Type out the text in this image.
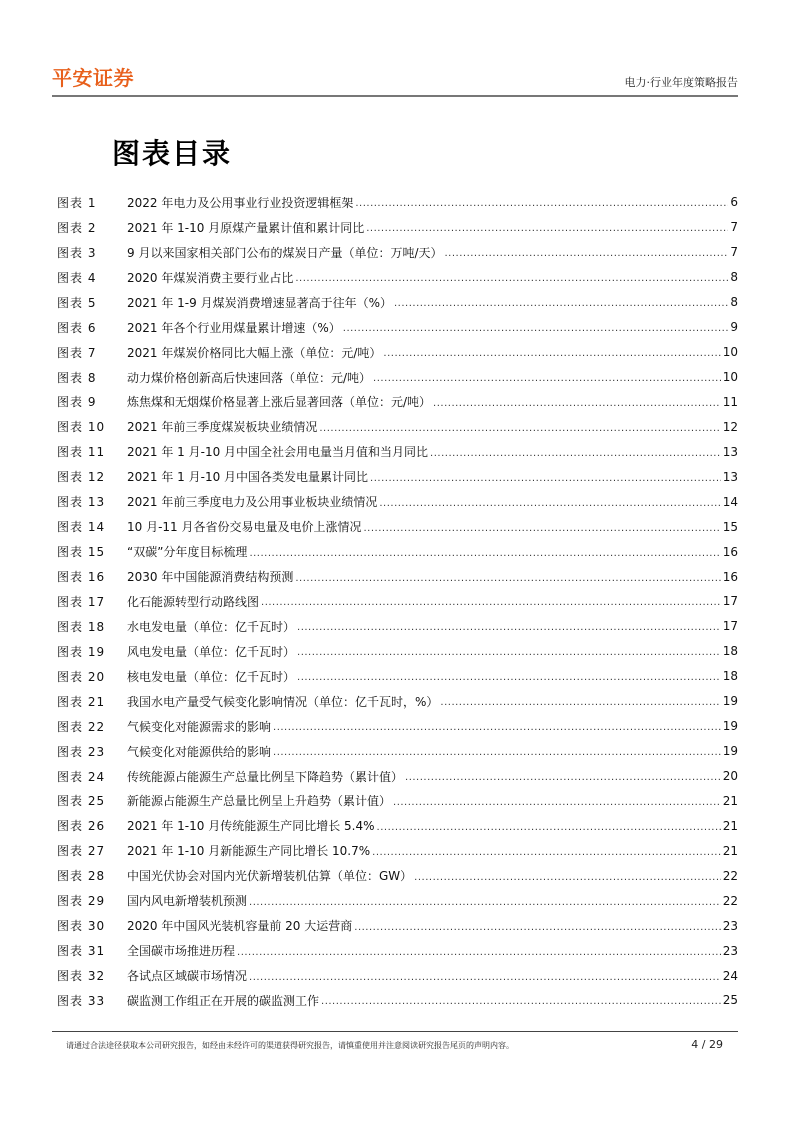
平安证券	电力·行业年度策略报告
图表目录
图表 1	2022 年电力及公用事业行业投资逻辑框架 .....	6
图表 2	2021 年 1-10 月原煤产量累计值和累计同比 .....	7
图表 3	9 月以来国家相关部门公布的煤炭日产量（单位：万吨/天） .....	7
图表 4	2020 年煤炭消费主要行业占比 .....	8
图表 5	2021 年 1-9 月煤炭消费增速显著高于往年（%） .....	8
图表 6	2021 年各个行业用煤量累计增速（%） .....	9
图表 7	2021 年煤炭价格同比大幅上涨（单位：元/吨） .....	10
图表 8	动力煤价格创新高后快速回落（单位：元/吨） .....	10
图表 9	炼焦煤和无烟煤价格显著上涨后显著回落（单位：元/吨） .....	11
图表 10	2021 年前三季度煤炭板块业绩情况 .....	12
图表 11	2021 年 1 月-10 月中国全社会用电量当月值和当月同比 .....	13
图表 12	2021 年 1 月-10 月中国各类发电量累计同比 .....	13
图表 13	2021 年前三季度电力及公用事业板块业绩情况 .....	14
图表 14	10 月-11 月各省份交易电量及电价上涨情况 .....	15
图表 15	“双碳”分年度目标梳理 .....	16
图表 16	2030 年中国能源消费结构预测 .....	16
图表 17	化石能源转型行动路线图 .....	17
图表 18	水电发电量（单位：亿千瓦时） .....	17
图表 19	风电发电量（单位：亿千瓦时） .....	18
图表 20	核电发电量（单位：亿千瓦时） .....	18
图表 21	我国水电产量受气候变化影响情况（单位：亿千瓦时，%） .....	19
图表 22	气候变化对能源需求的影响 .....	19
图表 23	气候变化对能源供给的影响 .....	19
图表 24	传统能源占能源生产总量比例呈下降趋势（累计值） .....	20
图表 25	新能源占能源生产总量比例呈上升趋势（累计值） .....	21
图表 26	2021 年 1-10 月传统能源生产同比增长 5.4% .....	21
图表 27	2021 年 1-10 月新能源生产同比增长 10.7% .....	21
图表 28	中国光伏协会对国内光伏新增装机估算（单位：GW） .....	22
图表 29	国内风电新增装机预测 .....	22
图表 30	2020 年中国风光装机容量前 20 大运营商 .....	23
图表 31	全国碳市场推进历程 .....	23
图表 32	各试点区域碳市场情况 .....	24
图表 33	碳监测工作组正在开展的碳监测工作 .....	25
请通过合法途径获取本公司研究报告，如经由未经许可的渠道获得研究报告，请慎重使用并注意阅读研究报告尾页的声明内容。	4 / 29
